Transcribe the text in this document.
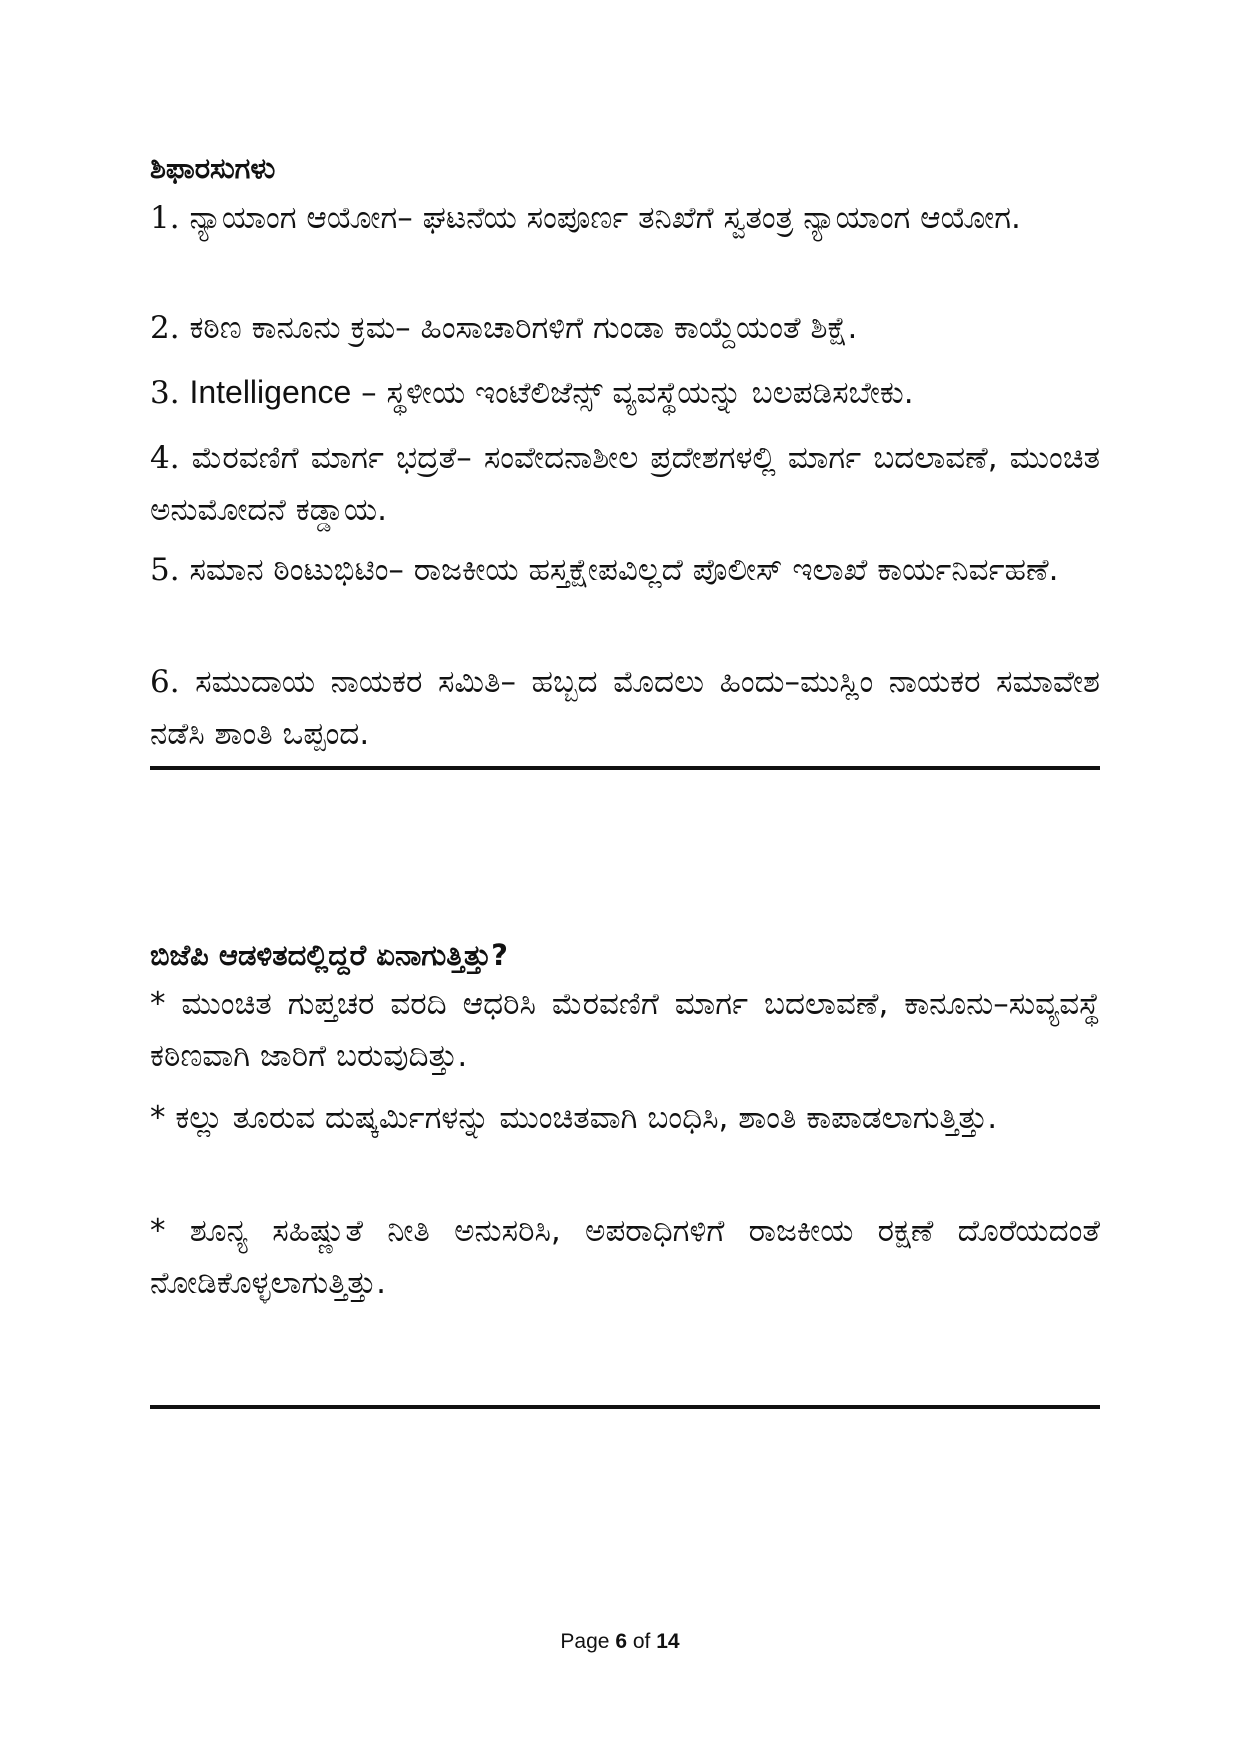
ಶಿಫಾರಸುಗಳು
1. ನ್ಯಾಯಾಂಗ ಆಯೋಗ– ಘಟನೆಯ ಸಂಪೂರ್ಣ ತನಿಖೆಗೆ ಸ್ವತಂತ್ರ ನ್ಯಾಯಾಂಗ ಆಯೋಗ.
2. ಕಠಿಣ ಕಾನೂನು ಕ್ರಮ– ಹಿಂಸಾಚಾರಿಗಳಿಗೆ ಗುಂಡಾ ಕಾಯ್ದೆಯಂತೆ ಶಿಕ್ಷೆ.
3. Intelligence – ಸ್ಥಳೀಯ ಇಂಟೆಲಿಜೆನ್ಸ್ ವ್ಯವಸ್ಥೆಯನ್ನು ಬಲಪಡಿಸಬೇಕು.
4. ಮೆರವಣಿಗೆ ಮಾರ್ಗ ಭದ್ರತೆ– ಸಂವೇದನಾಶೀಲ ಪ್ರದೇಶಗಳಲ್ಲಿ ಮಾರ್ಗ ಬದಲಾವಣೆ, ಮುಂಚಿತ ಅನುಮೋದನೆ ಕಡ್ಡಾಯ.
5. ಸಮಾನ ಠಿಂಟುಭಿಟಿಂ– ರಾಜಕೀಯ ಹಸ್ತಕ್ಷೇಪವಿಲ್ಲದೆ ಪೊಲೀಸ್ ಇಲಾಖೆ ಕಾರ್ಯನಿರ್ವಹಣೆ.
6. ಸಮುದಾಯ ನಾಯಕರ ಸಮಿತಿ– ಹಬ್ಬದ ಮೊದಲು ಹಿಂದು–ಮುಸ್ಲಿಂ ನಾಯಕರ ಸಮಾವೇಶ ನಡೆಸಿ ಶಾಂತಿ ಒಪ್ಪಂದ.
ಬಿಜೆಪಿ ಆಡಳಿತದಲ್ಲಿದ್ದರೆ ಏನಾಗುತ್ತಿತ್ತು?
* ಮುಂಚಿತ ಗುಪ್ತಚರ ವರದಿ ಆಧರಿಸಿ ಮೆರವಣಿಗೆ ಮಾರ್ಗ ಬದಲಾವಣೆ, ಕಾನೂನು–ಸುವ್ಯವಸ್ಥೆ ಕಠಿಣವಾಗಿ ಜಾರಿಗೆ ಬರುವುದಿತ್ತು.
* ಕಲ್ಲು ತೂರುವ ದುಷ್ಕರ್ಮಿಗಳನ್ನು ಮುಂಚಿತವಾಗಿ ಬಂಧಿಸಿ, ಶಾಂತಿ ಕಾಪಾಡಲಾಗುತ್ತಿತ್ತು.
* ಶೂನ್ಯ ಸಹಿಷ್ಣುತೆ ನೀತಿ ಅನುಸರಿಸಿ, ಅಪರಾಧಿಗಳಿಗೆ ರಾಜಕೀಯ ರಕ್ಷಣೆ ದೊರೆಯದಂತೆ ನೋಡಿಕೊಳ್ಳಲಾಗುತ್ತಿತ್ತು.
Page 6 of 14
